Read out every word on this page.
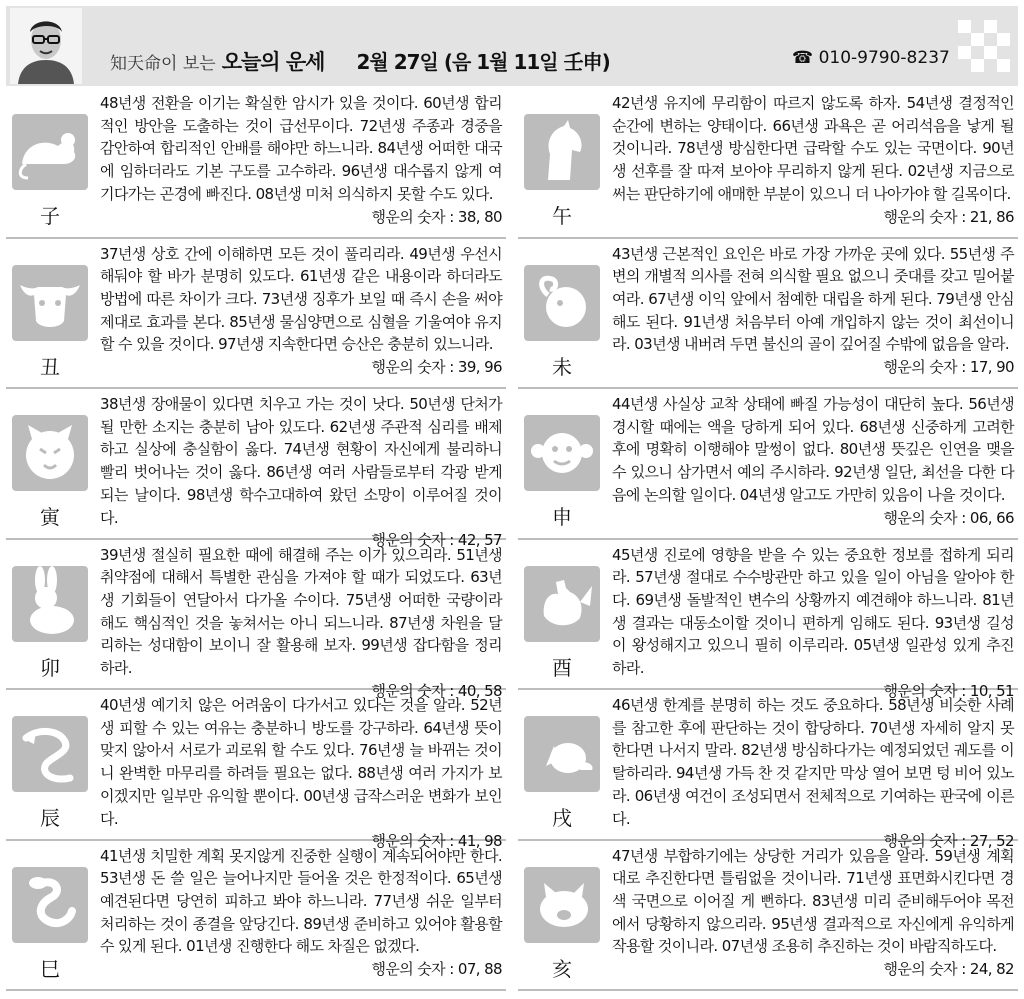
知天命이 보는 오늘의 운세 2월 27일 (음 1월 11일 壬申)	☎ 010-9790-8237
子
48년생 전환을 이기는 확실한 암시가 있을 것이다. 60년생 합리적인 방안을 도출하는 것이 급선무이다. 72년생 주종과 경중을 감안하여 합리적인 안배를 해야만 하느니라. 84년생 어떠한 대국에 임하더라도 기본 구도를 고수하라. 96년생 대수롭지 않게 여기다가는 곤경에 빠진다. 08년생 미처 의식하지 못할 수도 있다.
행운의 숫자 : 38, 80
丑
37년생 상호 간에 이해하면 모든 것이 풀리리라. 49년생 우선시해둬야 할 바가 분명히 있도다. 61년생 같은 내용이라 하더라도 방법에 따른 차이가 크다. 73년생 징후가 보일 때 즉시 손을 써야 제대로 효과를 본다. 85년생 물심양면으로 심혈을 기울여야 유지할 수 있을 것이다. 97년생 지속한다면 승산은 충분히 있느니라.
행운의 숫자 : 39, 96
寅
38년생 장애물이 있다면 치우고 가는 것이 낫다. 50년생 단처가 될 만한 소지는 충분히 남아 있도다. 62년생 주관적 심리를 배제하고 실상에 충실함이 옳다. 74년생 현황이 자신에게 불리하니 빨리 벗어나는 것이 옳다. 86년생 여러 사람들로부터 각광 받게 되는 날이다. 98년생 학수고대하여 왔던 소망이 이루어질 것이다.
행운의 숫자 : 42, 57
卯
39년생 절실히 필요한 때에 해결해 주는 이가 있으리라. 51년생 취약점에 대해서 특별한 관심을 가져야 할 때가 되었도다. 63년생 기회들이 연달아서 다가올 수이다. 75년생 어떠한 국량이라 해도 핵심적인 것을 놓쳐서는 아니 되느니라. 87년생 차원을 달리하는 성대함이 보이니 잘 활용해 보자. 99년생 잡다함을 정리하라.
행운의 숫자 : 40, 58
辰
40년생 예기치 않은 어려움이 다가서고 있다는 것을 알라. 52년생 피할 수 있는 여유는 충분하니 방도를 강구하라. 64년생 뜻이 맞지 않아서 서로가 괴로워 할 수도 있다. 76년생 늘 바뀌는 것이니 완벽한 마무리를 하려들 필요는 없다. 88년생 여러 가지가 보이겠지만 일부만 유익할 뿐이다. 00년생 급작스러운 변화가 보인다.
행운의 숫자 : 41, 98
巳
41년생 치밀한 계획 못지않게 진중한 실행이 계속되어야만 한다. 53년생 돈 쓸 일은 늘어나지만 들어올 것은 한정적이다. 65년생 예견된다면 당연히 피하고 봐야 하느니라. 77년생 쉬운 일부터 처리하는 것이 종결을 앞당긴다. 89년생 준비하고 있어야 활용할 수 있게 된다. 01년생 진행한다 해도 차질은 없겠다.
행운의 숫자 : 07, 88
午
42년생 유지에 무리함이 따르지 않도록 하자. 54년생 결정적인 순간에 변하는 양태이다. 66년생 과욕은 곧 어리석음을 낳게 될 것이니라. 78년생 방심한다면 급락할 수도 있는 국면이다. 90년생 선후를 잘 따져 보아야 무리하지 않게 된다. 02년생 지금으로써는 판단하기에 애매한 부분이 있으니 더 나아가야 할 길목이다.
행운의 숫자 : 21, 86
未
43년생 근본적인 요인은 바로 가장 가까운 곳에 있다. 55년생 주변의 개별적 의사를 전혀 의식할 필요 없으니 줏대를 갖고 밀어붙여라. 67년생 이익 앞에서 첨예한 대립을 하게 된다. 79년생 안심해도 된다. 91년생 처음부터 아예 개입하지 않는 것이 최선이니라. 03년생 내버려 두면 불신의 골이 깊어질 수밖에 없음을 알라.
행운의 숫자 : 17, 90
申
44년생 사실상 교착 상태에 빠질 가능성이 대단히 높다. 56년생 경시할 때에는 액을 당하게 되어 있다. 68년생 신중하게 고려한 후에 명확히 이행해야 말썽이 없다. 80년생 뜻깊은 인연을 맺을 수 있으니 삼가면서 예의 주시하라. 92년생 일단, 최선을 다한 다음에 논의할 일이다. 04년생 알고도 가만히 있음이 나을 것이다.
행운의 숫자 : 06, 66
酉
45년생 진로에 영향을 받을 수 있는 중요한 정보를 접하게 되리라. 57년생 절대로 수수방관만 하고 있을 일이 아님을 알아야 한다. 69년생 돌발적인 변수의 상황까지 예견해야 하느니라. 81년생 결과는 대동소이할 것이니 편하게 임해도 된다. 93년생 길성이 왕성해지고 있으니 필히 이루리라. 05년생 일관성 있게 추진하라.
행운의 숫자 : 10, 51
戌
46년생 한계를 분명히 하는 것도 중요하다. 58년생 비슷한 사례를 참고한 후에 판단하는 것이 합당하다. 70년생 자세히 알지 못한다면 나서지 말라. 82년생 방심하다가는 예정되었던 궤도를 이탈하리라. 94년생 가득 찬 것 같지만 막상 열어 보면 텅 비어 있노라. 06년생 여건이 조성되면서 전체적으로 기여하는 판국에 이른다.
행운의 숫자 : 27, 52
亥
47년생 부합하기에는 상당한 거리가 있음을 알라. 59년생 계획대로 추진한다면 틀림없을 것이니라. 71년생 표면화시킨다면 경색 국면으로 이어질 게 뻔하다. 83년생 미리 준비해두어야 목전에서 당황하지 않으리라. 95년생 결과적으로 자신에게 유익하게 작용할 것이니라. 07년생 조용히 추진하는 것이 바람직하도다.
행운의 숫자 : 24, 82
